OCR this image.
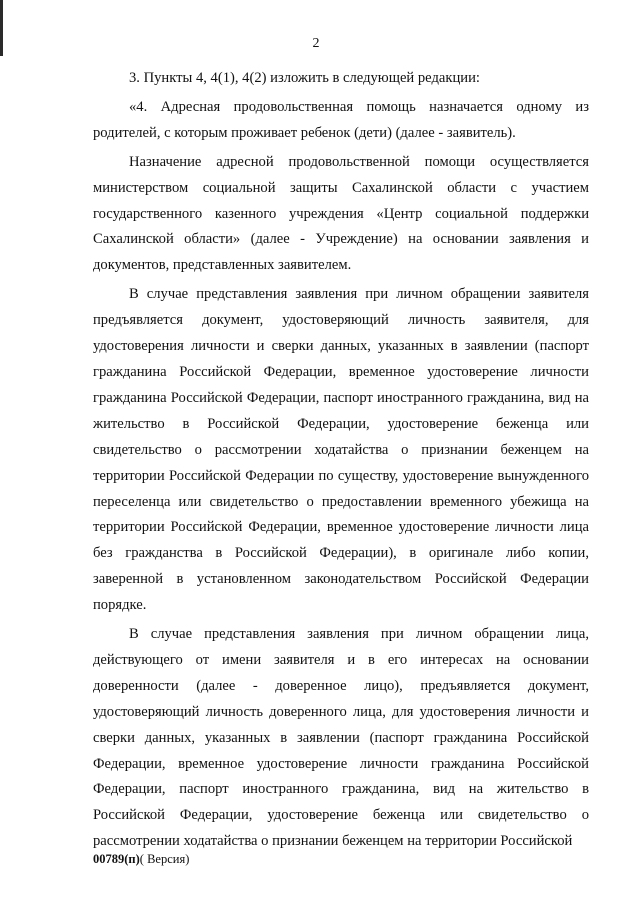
2

3. Пункты 4, 4(1), 4(2) изложить в следующей редакции:

«4. Адресная продовольственная помощь назначается одному из родителей, с которым проживает ребенок (дети) (далее - заявитель).

Назначение адресной продовольственной помощи осуществляется министерством социальной защиты Сахалинской области с участием государственного казенного учреждения «Центр социальной поддержки Сахалинской области» (далее - Учреждение) на основании заявления и документов, представленных заявителем.

В случае представления заявления при личном обращении заявителя предъявляется документ, удостоверяющий личность заявителя, для удостоверения личности и сверки данных, указанных в заявлении (паспорт гражданина Российской Федерации, временное удостоверение личности гражданина Российской Федерации, паспорт иностранного гражданина, вид на жительство в Российской Федерации, удостоверение беженца или свидетельство о рассмотрении ходатайства о признании беженцем на территории Российской Федерации по существу, удостоверение вынужденного переселенца или свидетельство о предоставлении временного убежища на территории Российской Федерации, временное удостоверение личности лица без гражданства в Российской Федерации), в оригинале либо копии, заверенной в установленном законодательством Российской Федерации порядке.

В случае представления заявления при личном обращении лица, действующего от имени заявителя и в его интересах на основании доверенности (далее - доверенное лицо), предъявляется документ, удостоверяющий личность доверенного лица, для удостоверения личности и сверки данных, указанных в заявлении (паспорт гражданина Российской Федерации, временное удостоверение личности гражданина Российской Федерации, паспорт иностранного гражданина, вид на жительство в Российской Федерации, удостоверение беженца или свидетельство о рассмотрении ходатайства о признании беженцем на территории Российской

00789(п)( Версия)
